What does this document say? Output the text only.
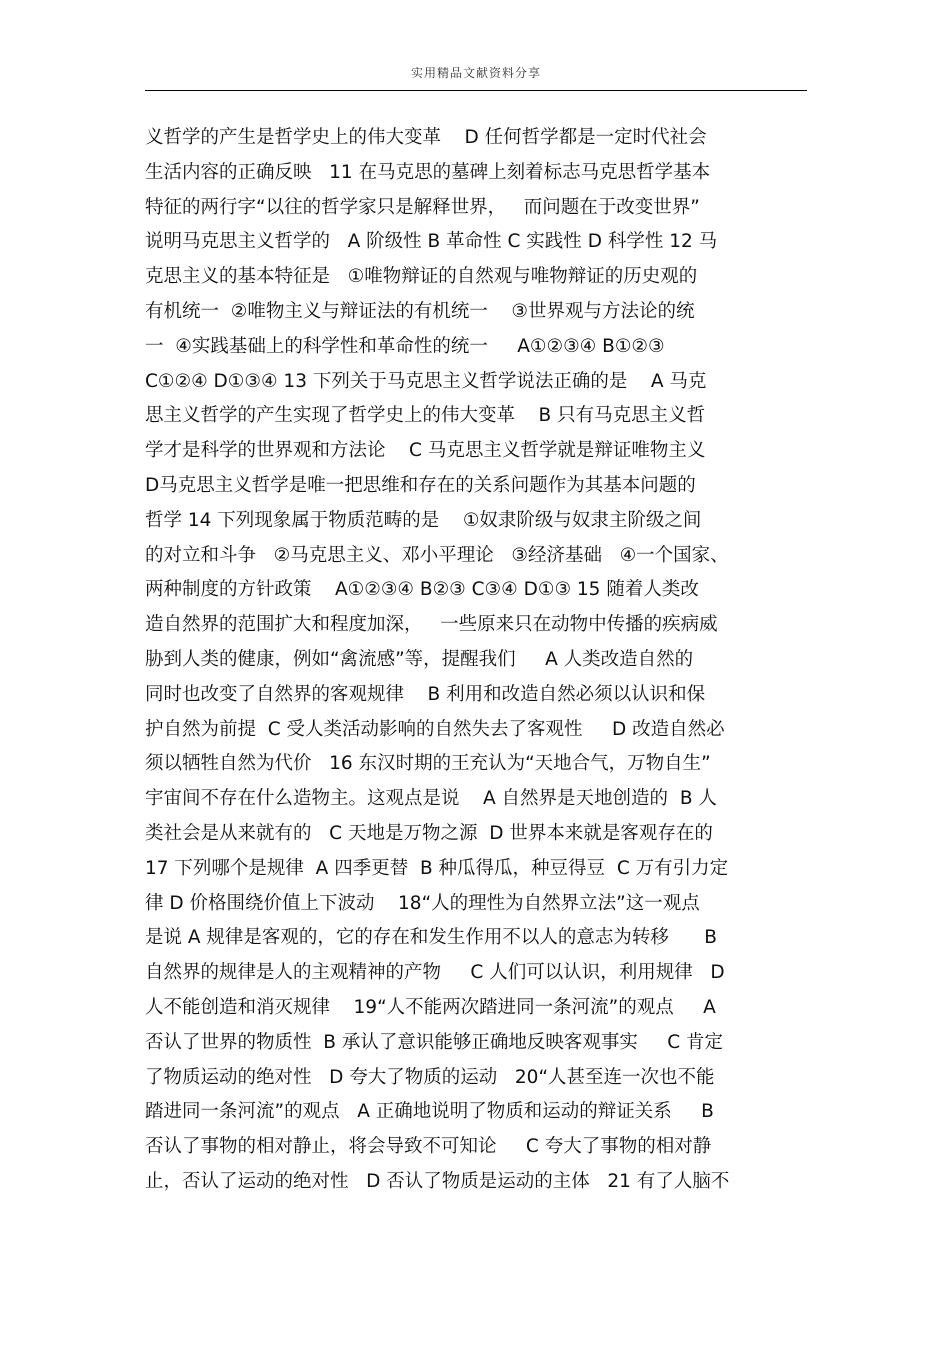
实用精品文献资料分享
义哲学的产生是哲学史上的伟大变革    D 任何哲学都是一定时代社会
生活内容的正确反映   11 在马克思的墓碑上刻着标志马克思哲学基本
特征的两行字“以往的哲学家只是解释世界，   而问题在于改变世界”
说明马克思主义哲学的   A 阶级性 B 革命性 C 实践性 D 科学性 12 马
克思主义的基本特征是   ①唯物辩证的自然观与唯物辩证的历史观的
有机统一  ②唯物主义与辩证法的有机统一    ③世界观与方法论的统
一  ④实践基础上的科学性和革命性的统一     A①②③④ B①②③
C①②④ D①③④ 13 下列关于马克思主义哲学说法正确的是    A 马克
思主义哲学的产生实现了哲学史上的伟大变革    B 只有马克思主义哲
学才是科学的世界观和方法论    C 马克思主义哲学就是辩证唯物主义
D马克思主义哲学是唯一把思维和存在的关系问题作为其基本问题的
哲学 14 下列现象属于物质范畴的是    ①奴隶阶级与奴隶主阶级之间
的对立和斗争   ②马克思主义、邓小平理论   ③经济基础   ④一个国家、
两种制度的方针政策    A①②③④ B②③ C③④ D①③ 15 随着人类改
造自然界的范围扩大和程度加深，   一些原来只在动物中传播的疾病威
胁到人类的健康，例如“禽流感”等，提醒我们     A 人类改造自然的
同时也改变了自然界的客观规律    B 利用和改造自然必须以认识和保
护自然为前提  C 受人类活动影响的自然失去了客观性     D 改造自然必
须以牺牲自然为代价   16 东汉时期的王充认为“天地合气，万物自生”
宇宙间不存在什么造物主。这观点是说    A 自然界是天地创造的  B 人
类社会是从来就有的   C 天地是万物之源  D 世界本来就是客观存在的
17 下列哪个是规律  A 四季更替  B 种瓜得瓜，种豆得豆  C 万有引力定
律 D 价格围绕价值上下波动    18“人的理性为自然界立法”这一观点
是说 A 规律是客观的，它的存在和发生作用不以人的意志为转移      B
自然界的规律是人的主观精神的产物     C 人们可以认识，利用规律   D
人不能创造和消灭规律    19“人不能两次踏进同一条河流”的观点     A
否认了世界的物质性  B 承认了意识能够正确地反映客观事实     C 肯定
了物质运动的绝对性   D 夸大了物质的运动   20“人甚至连一次也不能
踏进同一条河流”的观点   A 正确地说明了物质和运动的辩证关系     B
否认了事物的相对静止，将会导致不可知论     C 夸大了事物的相对静
止，否认了运动的绝对性   D 否认了物质是运动的主体   21 有了人脑不
